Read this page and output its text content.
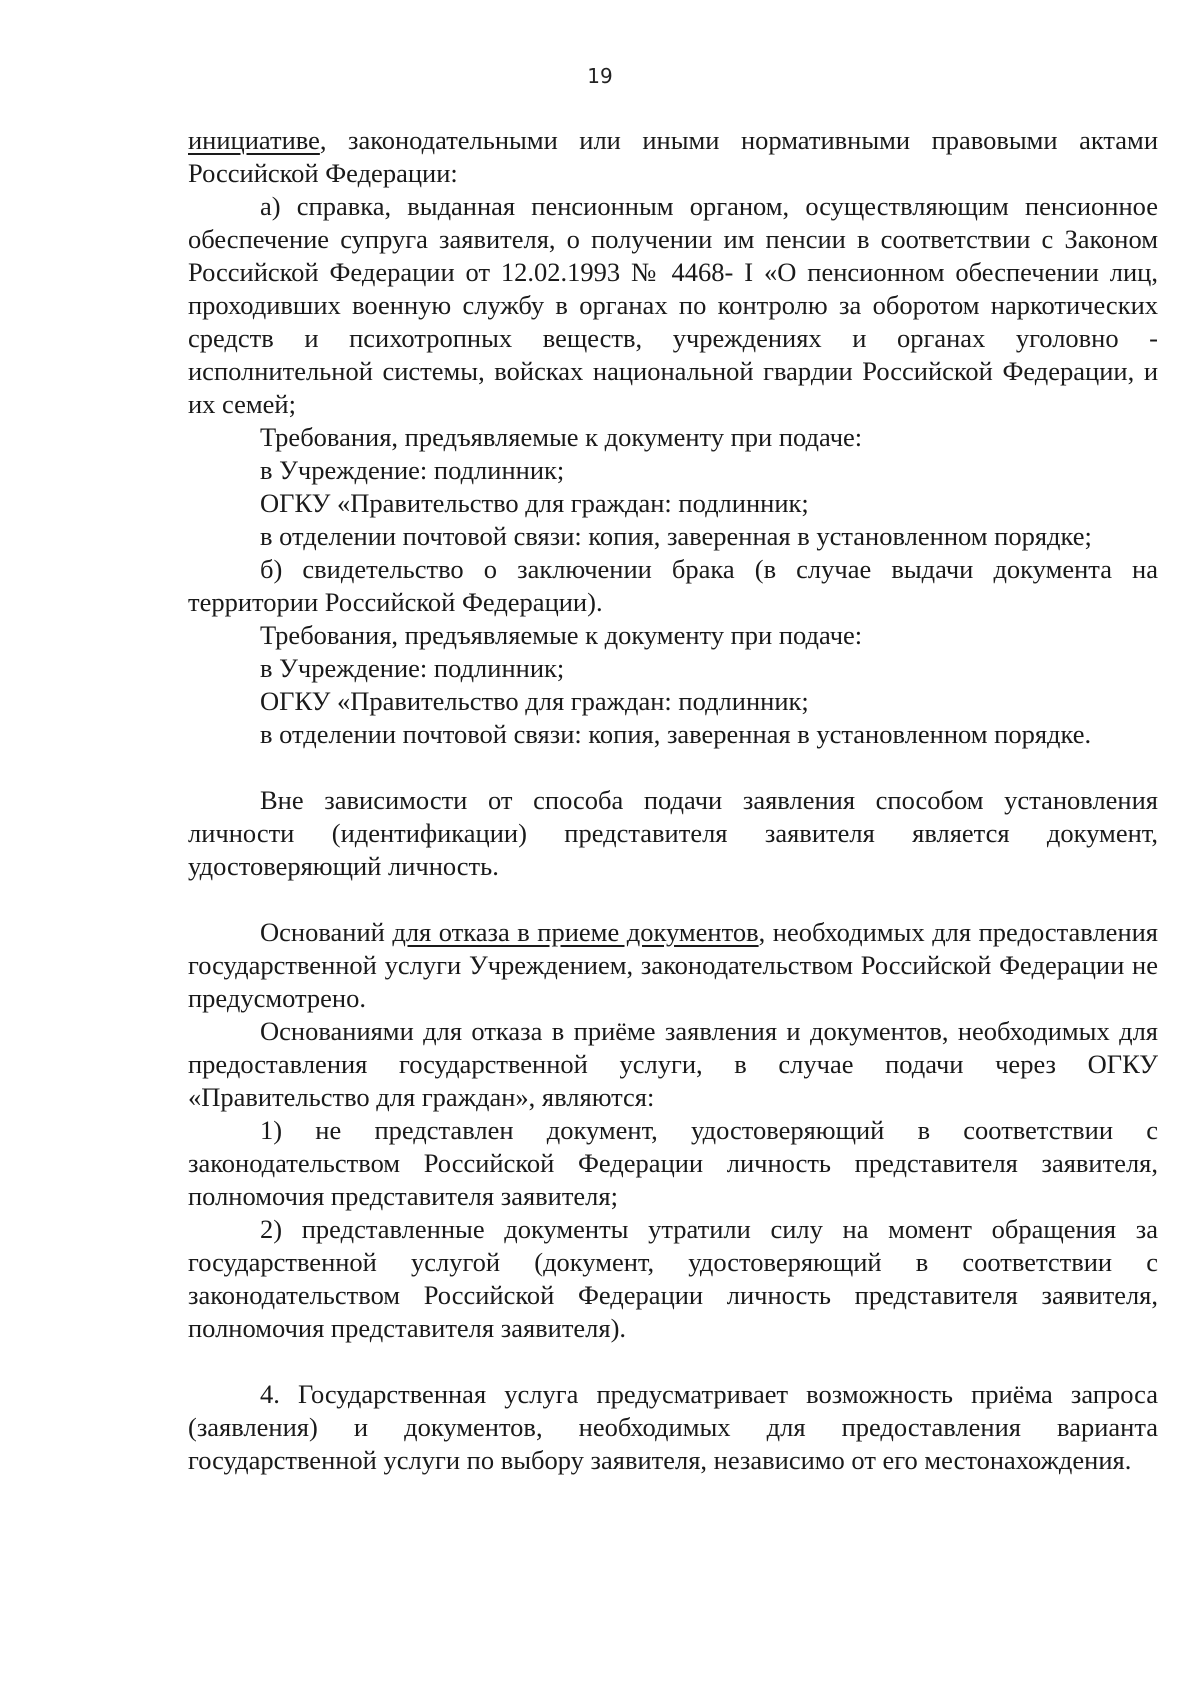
19

инициативе, законодательными или иными нормативными правовыми актами Российской Федерации:

а) справка, выданная пенсионным органом, осуществляющим пенсионное обеспечение супруга заявителя, о получении им пенсии в соответствии с Законом Российской Федерации от 12.02.1993 № 4468- I «О пенсионном обеспечении лиц, проходивших военную службу в органах по контролю за оборотом наркотических средств и психотропных веществ, учреждениях и органах уголовно - исполнительной системы, войсках национальной гвардии Российской Федерации, и их семей;

Требования, предъявляемые к документу при подаче:

в Учреждение: подлинник;

ОГКУ «Правительство для граждан: подлинник;

в отделении почтовой связи: копия, заверенная в установленном порядке;

б) свидетельство о заключении брака (в случае выдачи документа на территории Российской Федерации).

Требования, предъявляемые к документу при подаче:

в Учреждение: подлинник;

ОГКУ «Правительство для граждан: подлинник;

в отделении почтовой связи: копия, заверенная в установленном порядке.

Вне зависимости от способа подачи заявления способом установления личности (идентификации) представителя заявителя является документ, удостоверяющий личность.

Оснований для отказа в приеме документов, необходимых для предоставления государственной услуги Учреждением, законодательством Российской Федерации не предусмотрено.

Основаниями для отказа в приёме заявления и документов, необходимых для предоставления государственной услуги, в случае подачи через ОГКУ «Правительство для граждан», являются:

1) не представлен документ, удостоверяющий в соответствии с законодательством Российской Федерации личность представителя заявителя, полномочия представителя заявителя;

2) представленные документы утратили силу на момент обращения за государственной услугой (документ, удостоверяющий в соответствии с законодательством Российской Федерации личность представителя заявителя, полномочия представителя заявителя).

4. Государственная услуга предусматривает возможность приёма запроса (заявления) и документов, необходимых для предоставления варианта государственной услуги по выбору заявителя, независимо от его местонахождения.
